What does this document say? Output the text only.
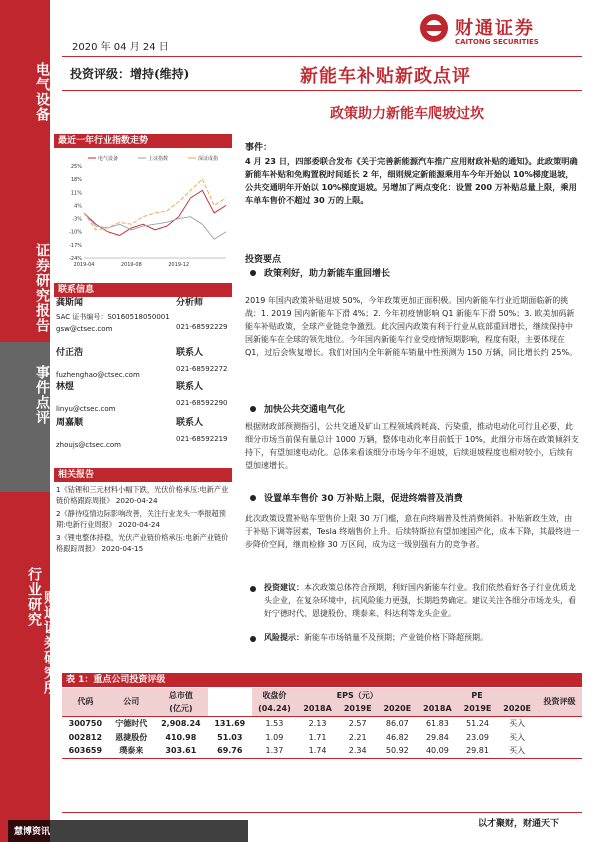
电气设备
证券研究报告
事件点评
行业研究 财通证券研究所
2020 年 04 月 24 日
财通证券
CAITONG SECURITIES
投资评级：增持(维持)	新能车补贴新政点评
政策助力新能车爬坡过坎
最近一年行业指数走势
电气设备	上证指数	深证成指
25%
18%
11%
4%
-3%
-10%
-17%
-24%
2019-04	2019-08	2019-12
联系信息
龚斯闻	分析师
SAC 证书编号：S0160518050001
021-68592229
gsw@ctsec.com
付正浩	联系人
021-68592272
fuzhenghao@ctsec.com
林煜	联系人
021-68592290
linyu@ctsec.com
周嘉顺	联系人
021-68592219
zhoujs@ctsec.com
相关报告
1《钴锂和三元材料小幅下跌，光伏价格承压:电新产业链价格跟踪周报》 2020-04-24
2《静待疫情边际影响改善，关注行业龙头一季报超预期:电新行业周报》 2020-04-24
3《锂电整体持稳，光伏产业链价格承压:电新产业链价格跟踪周报》 2020-04-15
事件：
4 月 23 日，四部委联合发布《关于完善新能源汽车推广应用财政补贴的通知》。此政策明确新能车补贴和免购置税时间延长 2 年，细则规定新能源乘用车今年开始以 10%梯度退坡，公共交通明年开始以 10%梯度退坡。另增加了两点变化：设置 200 万补贴总量上限，乘用车单车售价不超过 30 万的上限。
投资要点
政策利好，助力新能车重回增长
2019 年国内政策补贴退坡 50%，今年政策更加正面积极。国内新能车行业近期面临新的挑战：1. 2019 国内新能车下滑 4%；2. 今年初疫情影响 Q1 新能车下滑 50%；3. 欧美加码新能车补贴政策，全球产业链竞争激烈。此次国内政策有利于行业从底部重回增长，继续保持中国新能车在全球的领先地位。今年国内新能车行业受疫情短期影响，程度有限，主要体现在 Q1，过后会恢复增长。我们对国内全年新能车销量中性预测为 150 万辆，同比增长约 25%。
加快公共交通电气化
根据财政部预测指引，公共交通及矿山工程领域尚耗高、污染重，推动电动化可行且必要，此细分市场当前保有量总计 1000 万辆，整体电动化率目前低于 10%，此细分市场在政策倾斜支持下，有望加速电动化。总体来看该细分市场今年不退坡，后续退坡程度也相对较小，后续有望加速增长。
设置单车售价 30 万补贴上限，促进终端普及消费
此次政策设置补贴车型售价上限 30 万门槛，意在向终端普及性消费倾斜。补贴新政生效，由于补贴下调等因素，Tesla 终端售价上升。后续特斯拉有望加速国产化，成本下降，其最终进一步降价空间，继而检修 30 万区间，成为这一级别强有力的竞争者。
投资建议：本次政策总体符合预期，利好国内新能车行业。我们依然看好各子行业优质龙头企业，在复杂环境中，抗风险能力更强，长期趋势确定。建议关注各细分市场龙头，看好宁德时代、恩捷股份、璞泰来、科达利等龙头企业。
风险提示：新能车市场销量不及预期；产业链价格下降超预期。
表 1：重点公司投资评级
代码	公司	总市值		收盘价	EPS（元）			PE			投资评级
		(亿元)		(04.24)	2018A	2019E	2020E	2018A	2019E	2020E	
300750	宁德时代	2,908.24	131.69	1.53	2.13	2.57	86.07	61.83	51.24	买入	
002812	恩捷股份	410.98	51.03	1.09	1.71	2.21	46.82	29.84	23.09	买入	
603659	璞泰来	303.61	69.76	1.37	1.74	2.34	50.92	40.09	29.81	买入	
以才聚财，财通天下
慧博资讯
